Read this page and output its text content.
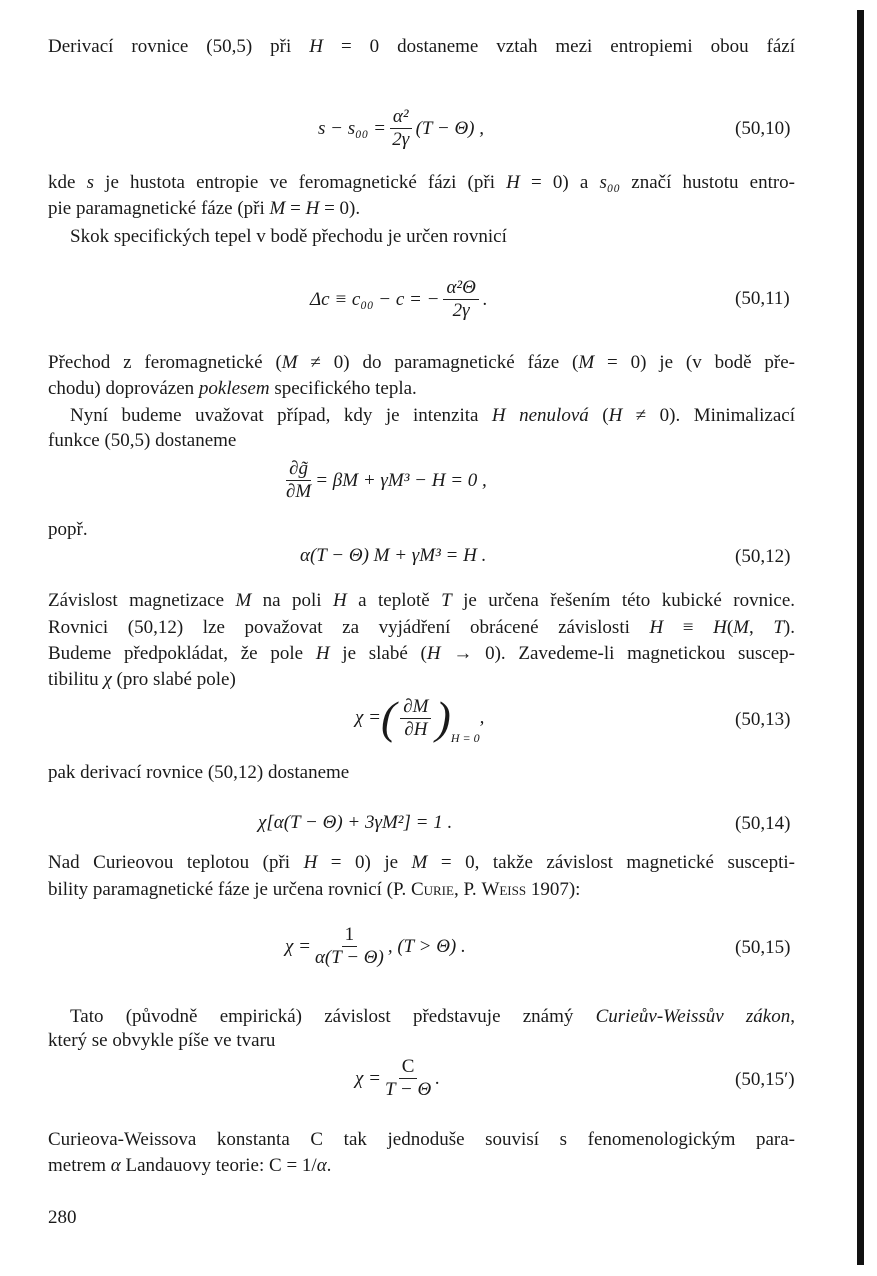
Derivací rovnice (50,5) při H = 0 dostaneme vztah mezi entropiemi obou fází
kde s je hustota entropie ve feromagnetické fázi (při H = 0) a s₀₀ značí hustotu entro-
pie paramagnetické fáze (při M = H = 0).
Skok specifických tepel v bodě přechodu je určen rovnicí
Přechod z feromagnetické (M ≠ 0) do paramagnetické fáze (M = 0) je (v bodě pře-
chodu) doprovázen poklesem specifického tepla.
Nyní budeme uvažovat případ, kdy je intenzita H nenulová (H ≠ 0). Minimalizací
funkce (50,5) dostaneme
popř.
Závislost magnetizace M na poli H a teplotě T je určena řešením této kubické rovnice.
Rovnici (50,12) lze považovat za vyjádření obrácené závislosti H ≡ H(M, T).
Budeme předpokládat, že pole H je slabé (H → 0). Zavedeme-li magnetickou suscep-
tibilitu χ (pro slabé pole)
pak derivací rovnice (50,12) dostaneme
Nad Curieovou teplotou (při H = 0) je M = 0, takže závislost magnetické suscepti-
bility paramagnetické fáze je určena rovnicí (P. Curie, P. Weiss 1907):
Tato (původně empirická) závislost představuje známý Curieův-Weissův zákon,
který se obvykle píše ve tvaru
Curieova-Weissova konstanta C tak jednoduše souvisí s fenomenologickým para-
metrem α Landauovy teorie: C = 1/α.
$s - s_{00} = \frac{\text{α²}}{2\gamma} (T - \Theta)$ ,	(50,10)
Δc ≡ c₀₀ − c = − $\frac{\text{α²Θ}}{2\gamma}$ .	(50,11)
$\frac{\partial g̃}{\partial M} = \beta M + \gamma M^3 - H = 0$ ,
α(T − Θ) M + γM³ = H .	(50,12)
χ = ( $\frac{\partial M}{\partial H}$ ) H = 0
,	(50,13)
χ[α(T − Θ) + 3γM²] = 1 .	(50,14)
$\chi = \frac{1}{\alpha(T - \Theta)}$ , (T > Θ) .	(50,15)
$\chi = \frac{C}{T - \Theta}$ .	(50,15′)
280
